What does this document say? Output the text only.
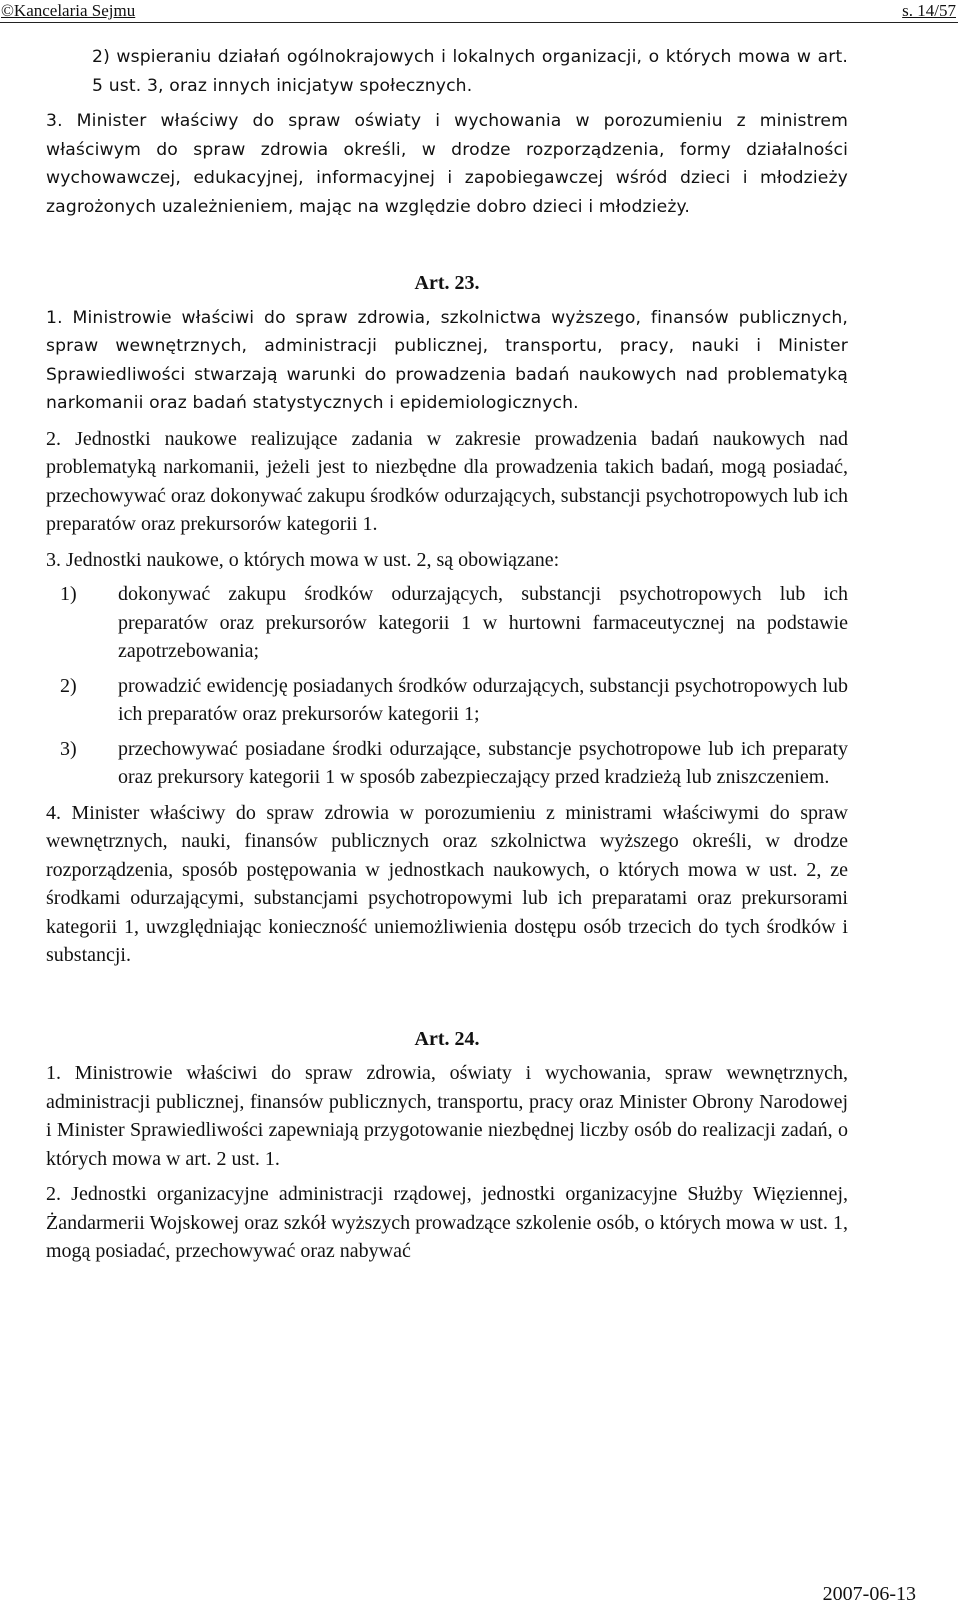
©Kancelaria Sejmu	s. 14/57

2) wspieraniu działań ogólnokrajowych i lokalnych organizacji, o których mowa w art. 5 ust. 3, oraz innych inicjatyw społecznych.

3. Minister właściwy do spraw oświaty i wychowania w porozumieniu z ministrem właściwym do spraw zdrowia określi, w drodze rozporządzenia, formy działalności wychowawczej, edukacyjnej, informacyjnej i zapobiegawczej wśród dzieci i młodzieży zagrożonych uzależnieniem, mając na względzie dobro dzieci i młodzieży.

Art. 23.

1. Ministrowie właściwi do spraw zdrowia, szkolnictwa wyższego, finansów publicznych, spraw wewnętrznych, administracji publicznej, transportu, pracy, nauki i Minister Sprawiedliwości stwarzają warunki do prowadzenia badań naukowych nad problematyką narkomanii oraz badań statystycznych i epidemiologicznych.

2. Jednostki naukowe realizujące zadania w zakresie prowadzenia badań naukowych nad problematyką narkomanii, jeżeli jest to niezbędne dla prowadzenia takich badań, mogą posiadać, przechowywać oraz dokonywać zakupu środków odurzających, substancji psychotropowych lub ich preparatów oraz prekursorów kategorii 1.

3. Jednostki naukowe, o których mowa w ust. 2, są obowiązane:

1) dokonywać zakupu środków odurzających, substancji psychotropowych lub ich preparatów oraz prekursorów kategorii 1 w hurtowni farmaceutycznej na podstawie zapotrzebowania;

2) prowadzić ewidencję posiadanych środków odurzających, substancji psychotropowych lub ich preparatów oraz prekursorów kategorii 1;

3) przechowywać posiadane środki odurzające, substancje psychotropowe lub ich preparaty oraz prekursory kategorii 1 w sposób zabezpieczający przed kradzieżą lub zniszczeniem.

4. Minister właściwy do spraw zdrowia w porozumieniu z ministrami właściwymi do spraw wewnętrznych, nauki, finansów publicznych oraz szkolnictwa wyższego określi, w drodze rozporządzenia, sposób postępowania w jednostkach naukowych, o których mowa w ust. 2, ze środkami odurzającymi, substancjami psychotropowymi lub ich preparatami oraz prekursorami kategorii 1, uwzględniając konieczność uniemożliwienia dostępu osób trzecich do tych środków i substancji.

Art. 24.

1. Ministrowie właściwi do spraw zdrowia, oświaty i wychowania, spraw wewnętrznych, administracji publicznej, finansów publicznych, transportu, pracy oraz Minister Obrony Narodowej i Minister Sprawiedliwości zapewniają przygotowanie niezbędnej liczby osób do realizacji zadań, o których mowa w art. 2 ust. 1.

2. Jednostki organizacyjne administracji rządowej, jednostki organizacyjne Służby Więziennej, Żandarmerii Wojskowej oraz szkół wyższych prowadzące szkolenie osób, o których mowa w ust. 1, mogą posiadać, przechowywać oraz nabywać

2007-06-13
